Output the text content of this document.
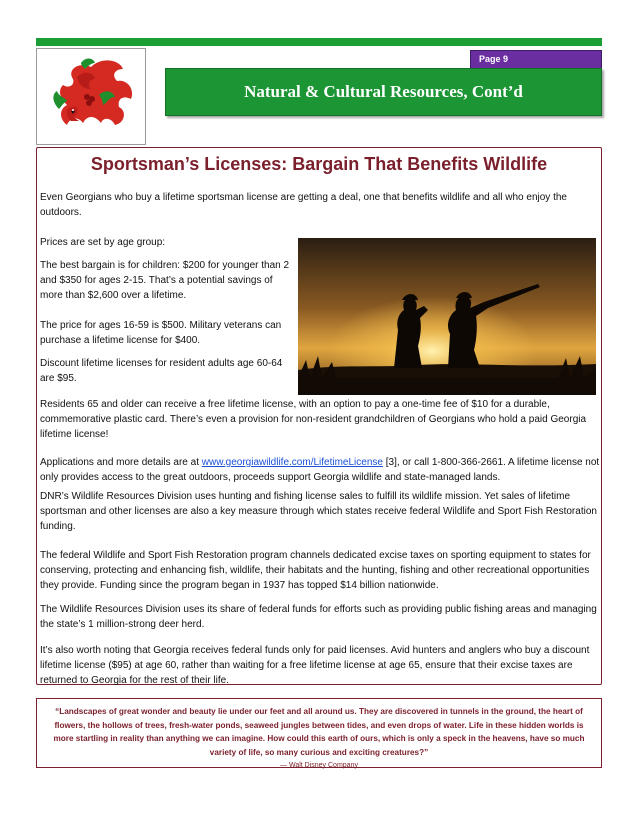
Page 9
Natural & Cultural Resources, Cont’d
Sportsman’s Licenses: Bargain That Benefits Wildlife

Even Georgians who buy a lifetime sportsman license are getting a deal, one that benefits wildlife and all who enjoy the outdoors.

Prices are set by age group:

The best bargain is for children: $200 for younger than 2 and $350 for ages 2-15. That’s a potential savings of more than $2,600 over a lifetime.

The price for ages 16-59 is $500. Military veterans can purchase a lifetime license for $400.

Discount lifetime licenses for resident adults age 60-64 are $95.

Residents 65 and older can receive a free lifetime license, with an option to pay a one-time fee of $10 for a durable, commemorative plastic card. There’s even a provision for non-resident grandchildren of Georgians who hold a paid Georgia lifetime license!

Applications and more details are at www.georgiawildlife.com/LifetimeLicense [3], or call 1-800-366-2661. A lifetime license not only provides access to the great outdoors, proceeds support Georgia wildlife and state-managed lands.

DNR’s Wildlife Resources Division uses hunting and fishing license sales to fulfill its wildlife mission. Yet sales of lifetime sportsman and other licenses are also a key measure through which states receive federal Wildlife and Sport Fish Restoration funding.

The federal Wildlife and Sport Fish Restoration program channels dedicated excise taxes on sporting equipment to states for conserving, protecting and enhancing fish, wildlife, their habitats and the hunting, fishing and other recreational opportunities they provide. Funding since the program began in 1937 has topped $14 billion nationwide.

The Wildlife Resources Division uses its share of federal funds for efforts such as providing public fishing areas and managing the state’s 1 million-strong deer herd.

It’s also worth noting that Georgia receives federal funds only for paid licenses. Avid hunters and anglers who buy a discount lifetime license ($95) at age 60, rather than waiting for a free lifetime license at age 65, ensure that their excise taxes are returned to Georgia for the rest of their life.

“Landscapes of great wonder and beauty lie under our feet and all around us. They are discovered in tunnels in the ground, the heart of flowers, the hollows of trees, fresh-water ponds, seaweed jungles between tides, and even drops of water. Life in these hidden worlds is more startling in reality than anything we can imagine. How could this earth of ours, which is only a speck in the heavens, have so much variety of life, so many curious and exciting creatures?”
— Walt Disney Company
